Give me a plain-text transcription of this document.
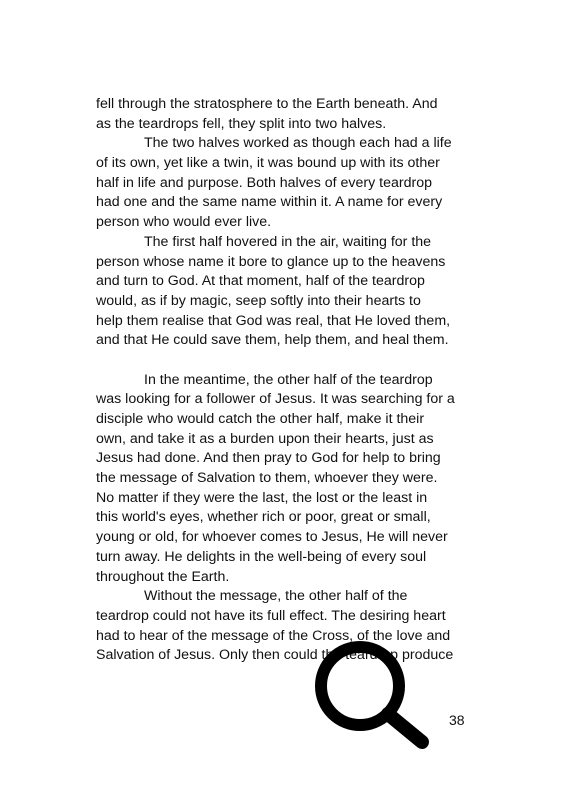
fell through the stratosphere to the Earth beneath. And
as the teardrops fell, they split into two halves.
The two halves worked as though each had a life
of its own, yet like a twin, it was bound up with its other
half in life and purpose. Both halves of every teardrop
had one and the same name within it. A name for every
person who would ever live.
The first half hovered in the air, waiting for the
person whose name it bore to glance up to the heavens
and turn to God. At that moment, half of the teardrop
would, as if by magic, seep softly into their hearts to
help them realise that God was real, that He loved them,
and that He could save them, help them, and heal them.
In the meantime, the other half of the teardrop
was looking for a follower of Jesus. It was searching for a
disciple who would catch the other half, make it their
own, and take it as a burden upon their hearts, just as
Jesus had done. And then pray to God for help to bring
the message of Salvation to them, whoever they were.
No matter if they were the last, the lost or the least in
this world's eyes, whether rich or poor, great or small,
young or old, for whoever comes to Jesus, He will never
turn away. He delights in the well-being of every soul
throughout the Earth.
Without the message, the other half of the
teardrop could not have its full effect. The desiring heart
had to hear of the message of the Cross, of the love and
Salvation of Jesus. Only then could the teardrop produce
38
